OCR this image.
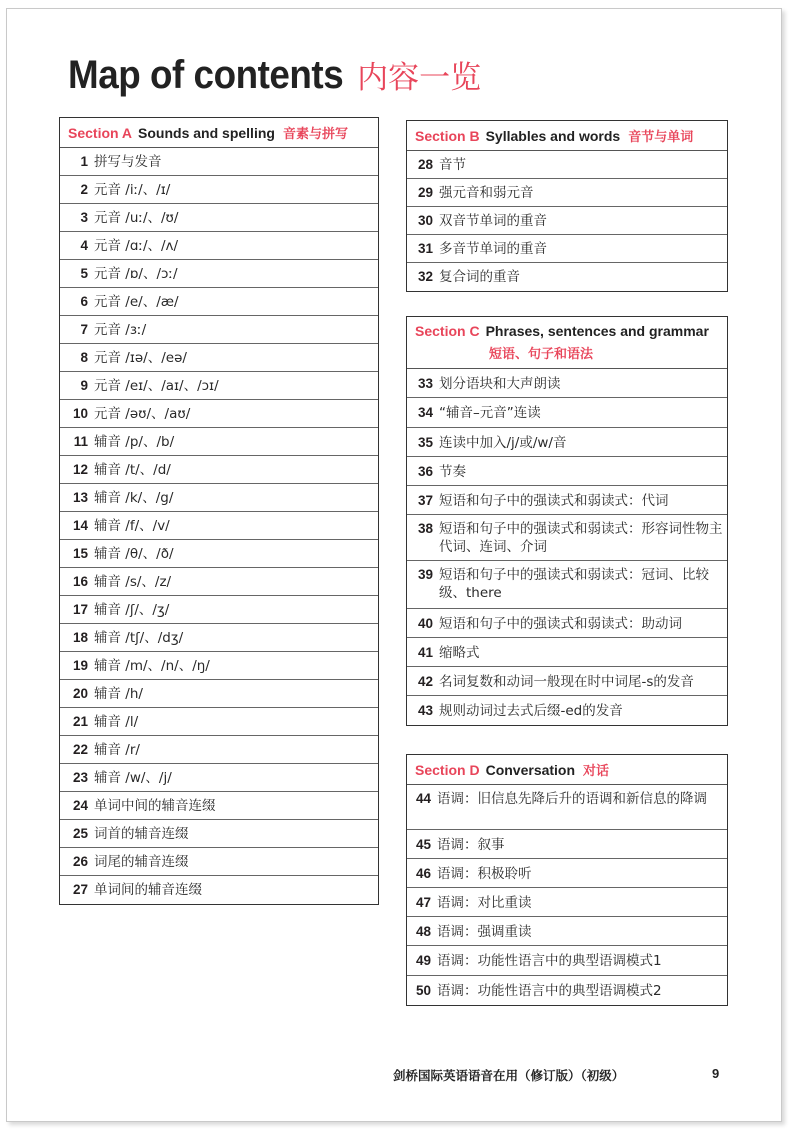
Map of contents 内容一览
Section A Sounds and spelling 音素与拼写
1 拼写与发音
2 元音 /iː/、/ɪ/
3 元音 /uː/、/ʊ/
4 元音 /ɑː/、/ʌ/
5 元音 /ɒ/、/ɔː/
6 元音 /e/、/æ/
7 元音 /ɜː/
8 元音 /ɪə/、/eə/
9 元音 /eɪ/、/aɪ/、/ɔɪ/
10 元音 /əʊ/、/aʊ/
11 辅音 /p/、/b/
12 辅音 /t/、/d/
13 辅音 /k/、/g/
14 辅音 /f/、/v/
15 辅音 /θ/、/ð/
16 辅音 /s/、/z/
17 辅音 /ʃ/、/ʒ/
18 辅音 /tʃ/、/dʒ/
19 辅音 /m/、/n/、/ŋ/
20 辅音 /h/
21 辅音 /l/
22 辅音 /r/
23 辅音 /w/、/j/
24 单词中间的辅音连缀
25 词首的辅音连缀
26 词尾的辅音连缀
27 单词间的辅音连缀
Section B Syllables and words 音节与单词
28 音节
29 强元音和弱元音
30 双音节单词的重音
31 多音节单词的重音
32 复合词的重音
Section C Phrases, sentences and grammar
短语、句子和语法
33 划分语块和大声朗读
34 “辅音–元音”连读
35 连读中加入/j/或/w/音
36 节奏
37 短语和句子中的强读式和弱读式：代词
38 短语和句子中的强读式和弱读式：形容词性物主代词、连词、介词
39 短语和句子中的强读式和弱读式：冠词、比较级、there
40 短语和句子中的强读式和弱读式：助动词
41 缩略式
42 名词复数和动词一般现在时中词尾-s的发音
43 规则动词过去式后缀-ed的发音
Section D Conversation 对话
44 语调：旧信息先降后升的语调和新信息的降调
45 语调：叙事
46 语调：积极聆听
47 语调：对比重读
48 语调：强调重读
49 语调：功能性语言中的典型语调模式1
50 语调：功能性语言中的典型语调模式2
剑桥国际英语语音在用（修订版）（初级）	9
